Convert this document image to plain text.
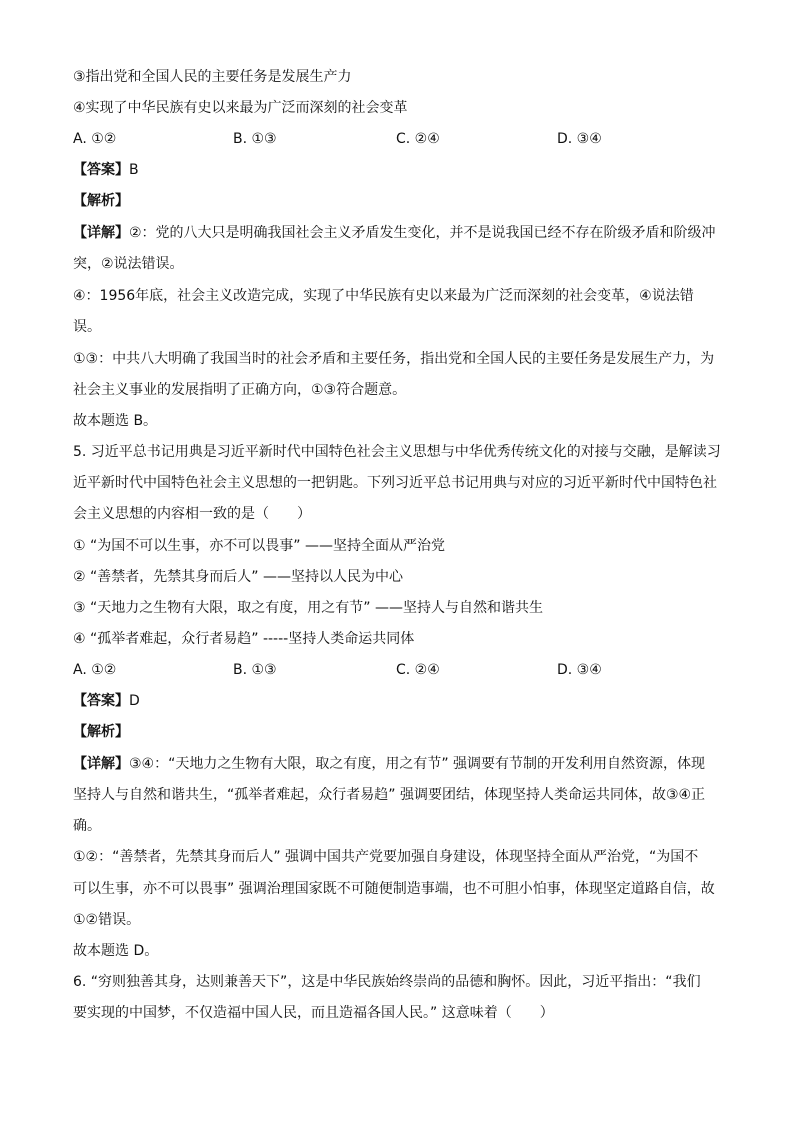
③指出党和全国人民的主要任务是发展生产力
④实现了中华民族有史以来最为广泛而深刻的社会变革
A. ①②	B. ①③	C. ②④	D. ③④
【答案】B
【解析】
【详解】②：党的八大只是明确我国社会主义矛盾发生变化，并不是说我国已经不存在阶级矛盾和阶级冲
突，②说法错误。
④：1956年底，社会主义改造完成，实现了中华民族有史以来最为广泛而深刻的社会变革，④说法错
误。
①③：中共八大明确了我国当时的社会矛盾和主要任务，指出党和全国人民的主要任务是发展生产力，为
社会主义事业的发展指明了正确方向，①③符合题意。
故本题选 B。
5. 习近平总书记用典是习近平新时代中国特色社会主义思想与中华优秀传统文化的对接与交融，是解读习
近平新时代中国特色社会主义思想的一把钥匙。下列习近平总书记用典与对应的习近平新时代中国特色社
会主义思想的内容相一致的是（　　）
① “为国不可以生事，亦不可以畏事” ——坚持全面从严治党
② “善禁者，先禁其身而后人” ——坚持以人民为中心
③ “天地力之生物有大限，取之有度，用之有节” ——坚持人与自然和谐共生
④ “孤举者难起，众行者易趋” -----坚持人类命运共同体
A. ①②	B. ①③	C. ②④	D. ③④
【答案】D
【解析】
【详解】③④：“天地力之生物有大限，取之有度，用之有节” 强调要有节制的开发利用自然资源，体现
坚持人与自然和谐共生，“孤举者难起，众行者易趋” 强调要团结，体现坚持人类命运共同体，故③④正
确。
①②：“善禁者，先禁其身而后人” 强调中国共产党要加强自身建设，体现坚持全面从严治党，“为国不
可以生事，亦不可以畏事” 强调治理国家既不可随便制造事端，也不可胆小怕事，体现坚定道路自信，故
①②错误。
故本题选 D。
6. “穷则独善其身，达则兼善天下”，这是中华民族始终崇尚的品德和胸怀。因此，习近平指出：“我们
要实现的中国梦，不仅造福中国人民，而且造福各国人民。” 这意味着（　　）
